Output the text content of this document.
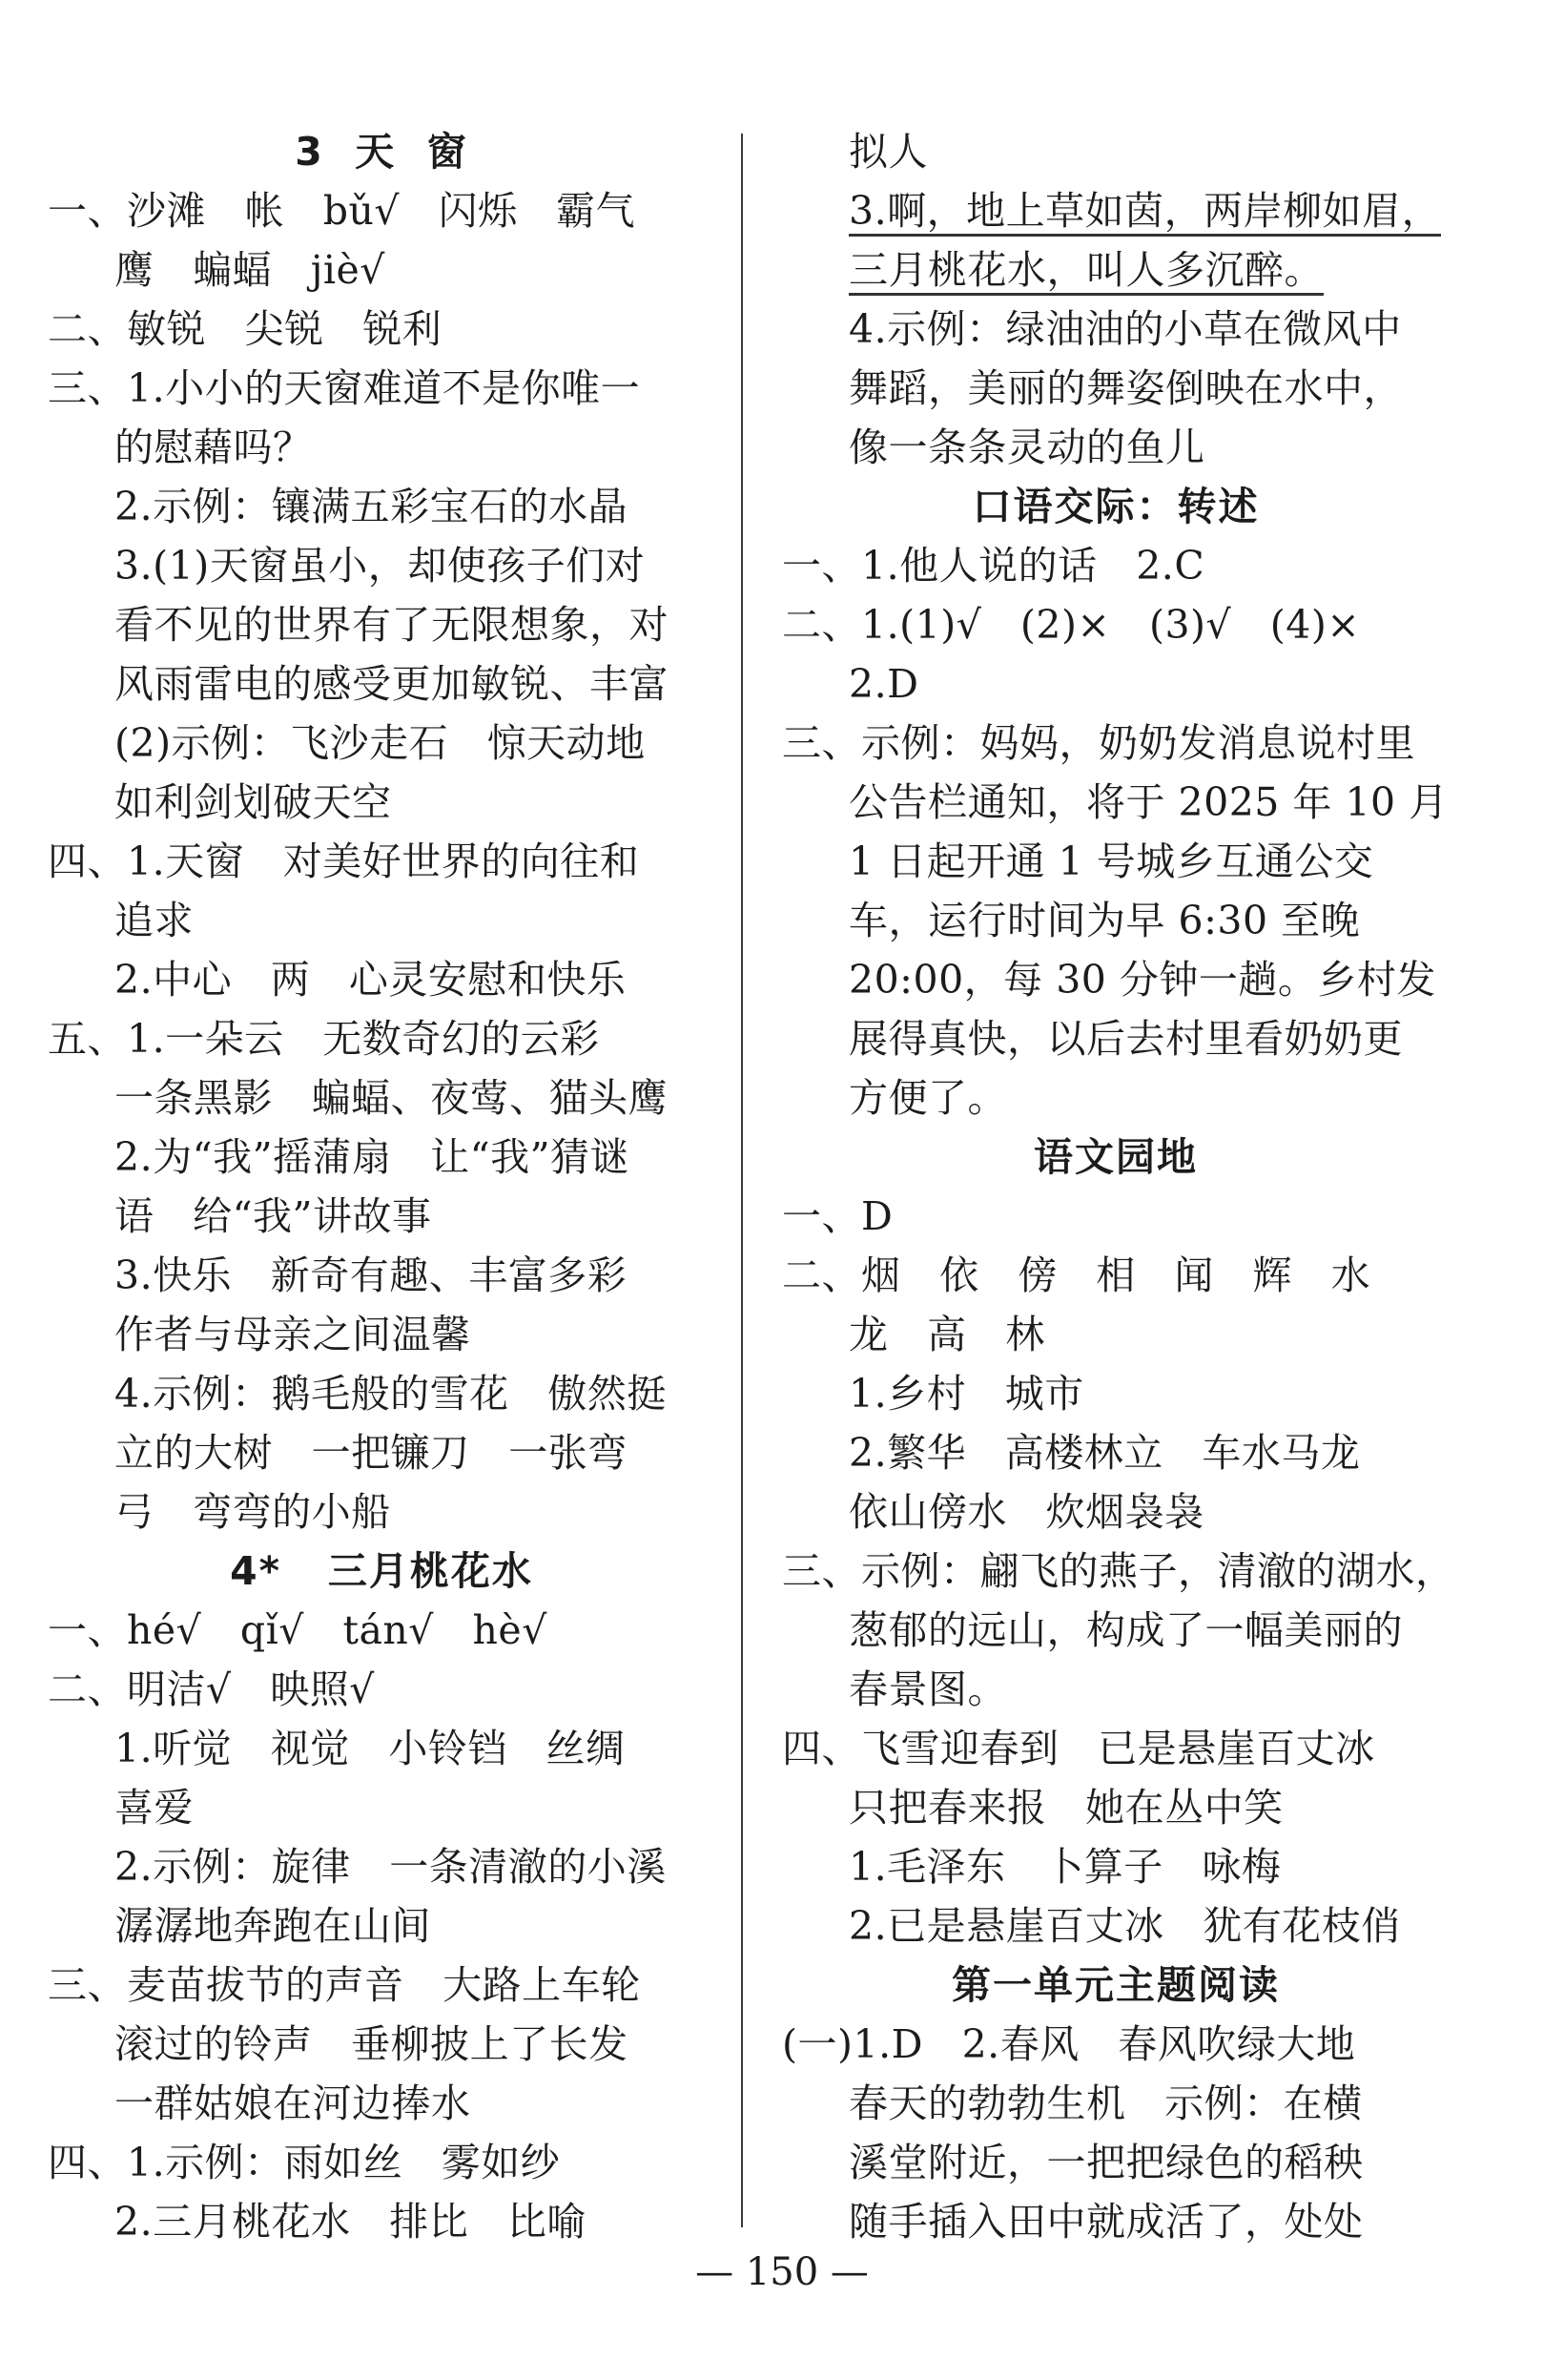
3  天  窗
一、沙滩   帐   bǔ√   闪烁   霸气
鹰   蝙蝠   jiè√
二、敏锐   尖锐   锐利
三、1.小小的天窗难道不是你唯一
的慰藉吗？
2.示例：镶满五彩宝石的水晶
3.(1)天窗虽小，却使孩子们对
看不见的世界有了无限想象，对
风雨雷电的感受更加敏锐、丰富
(2)示例：飞沙走石   惊天动地
如利剑划破天空
四、1.天窗   对美好世界的向往和
追求
2.中心   两   心灵安慰和快乐
五、1.一朵云   无数奇幻的云彩
一条黑影   蝙蝠、夜莺、猫头鹰
2.为“我”摇蒲扇   让“我”猜谜
语   给“我”讲故事
3.快乐   新奇有趣、丰富多彩
作者与母亲之间温馨
4.示例：鹅毛般的雪花   傲然挺
立的大树   一把镰刀   一张弯
弓   弯弯的小船
4*   三月桃花水
一、hé√   qǐ√   tán√   hè√
二、明洁√   映照√
1.听觉   视觉   小铃铛   丝绸
喜爱
2.示例：旋律   一条清澈的小溪
潺潺地奔跑在山间
三、麦苗拔节的声音   大路上车轮
滚过的铃声   垂柳披上了长发
一群姑娘在河边捧水
四、1.示例：雨如丝   雾如纱
2.三月桃花水   排比   比喻
拟人
3.啊，地上草如茵，两岸柳如眉，
三月桃花水，叫人多沉醉。
4.示例：绿油油的小草在微风中
舞蹈，美丽的舞姿倒映在水中，
像一条条灵动的鱼儿
口语交际：转述
一、1.他人说的话   2.C
二、1.(1)√   (2)×   (3)√   (4)×
2.D
三、示例：妈妈，奶奶发消息说村里
公告栏通知，将于 2025 年 10 月
1 日起开通 1 号城乡互通公交
车，运行时间为早 6:30 至晚
20:00，每 30 分钟一趟。乡村发
展得真快，以后去村里看奶奶更
方便了。
语文园地
一、D
二、烟   依   傍   相   闻   辉   水
龙   高   林
1.乡村   城市
2.繁华   高楼林立   车水马龙
依山傍水   炊烟袅袅
三、示例：翩飞的燕子，清澈的湖水，
葱郁的远山，构成了一幅美丽的
春景图。
四、飞雪迎春到   已是悬崖百丈冰
只把春来报   她在丛中笑
1.毛泽东   卜算子   咏梅
2.已是悬崖百丈冰   犹有花枝俏
第一单元主题阅读
(一)1.D   2.春风   春风吹绿大地
春天的勃勃生机   示例：在横
溪堂附近，一把把绿色的稻秧
随手插入田中就成活了，处处
— 150 —
